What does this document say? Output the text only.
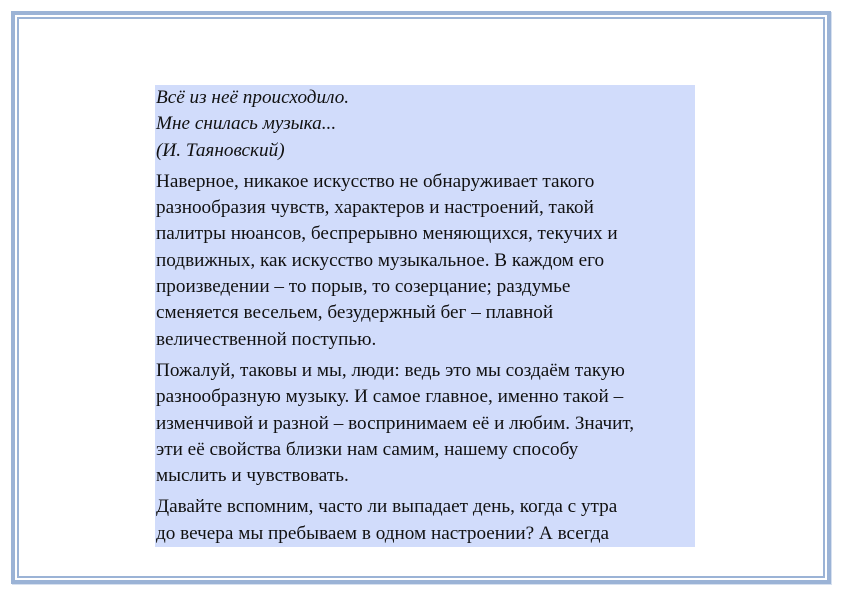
Всё из неё происходило.
Мне снилась музыка...
(И. Таяновский)
Наверное, никакое искусство не обнаруживает такого
разнообразия чувств, характеров и настроений, такой
палитры нюансов, беспрерывно меняющихся, текучих и
подвижных, как искусство музыкальное. В каждом его
произведении – то порыв, то созерцание; раздумье
сменяется весельем, безудержный бег – плавной
величественной поступью.
Пожалуй, таковы и мы, люди: ведь это мы создаём такую
разнообразную музыку. И самое главное, именно такой –
изменчивой и разной – воспринимаем её и любим. Значит,
эти её свойства близки нам самим, нашему способу
мыслить и чувствовать.
Давайте вспомним, часто ли выпадает день, когда с утра
до вечера мы пребываем в одном настроении? А всегда
